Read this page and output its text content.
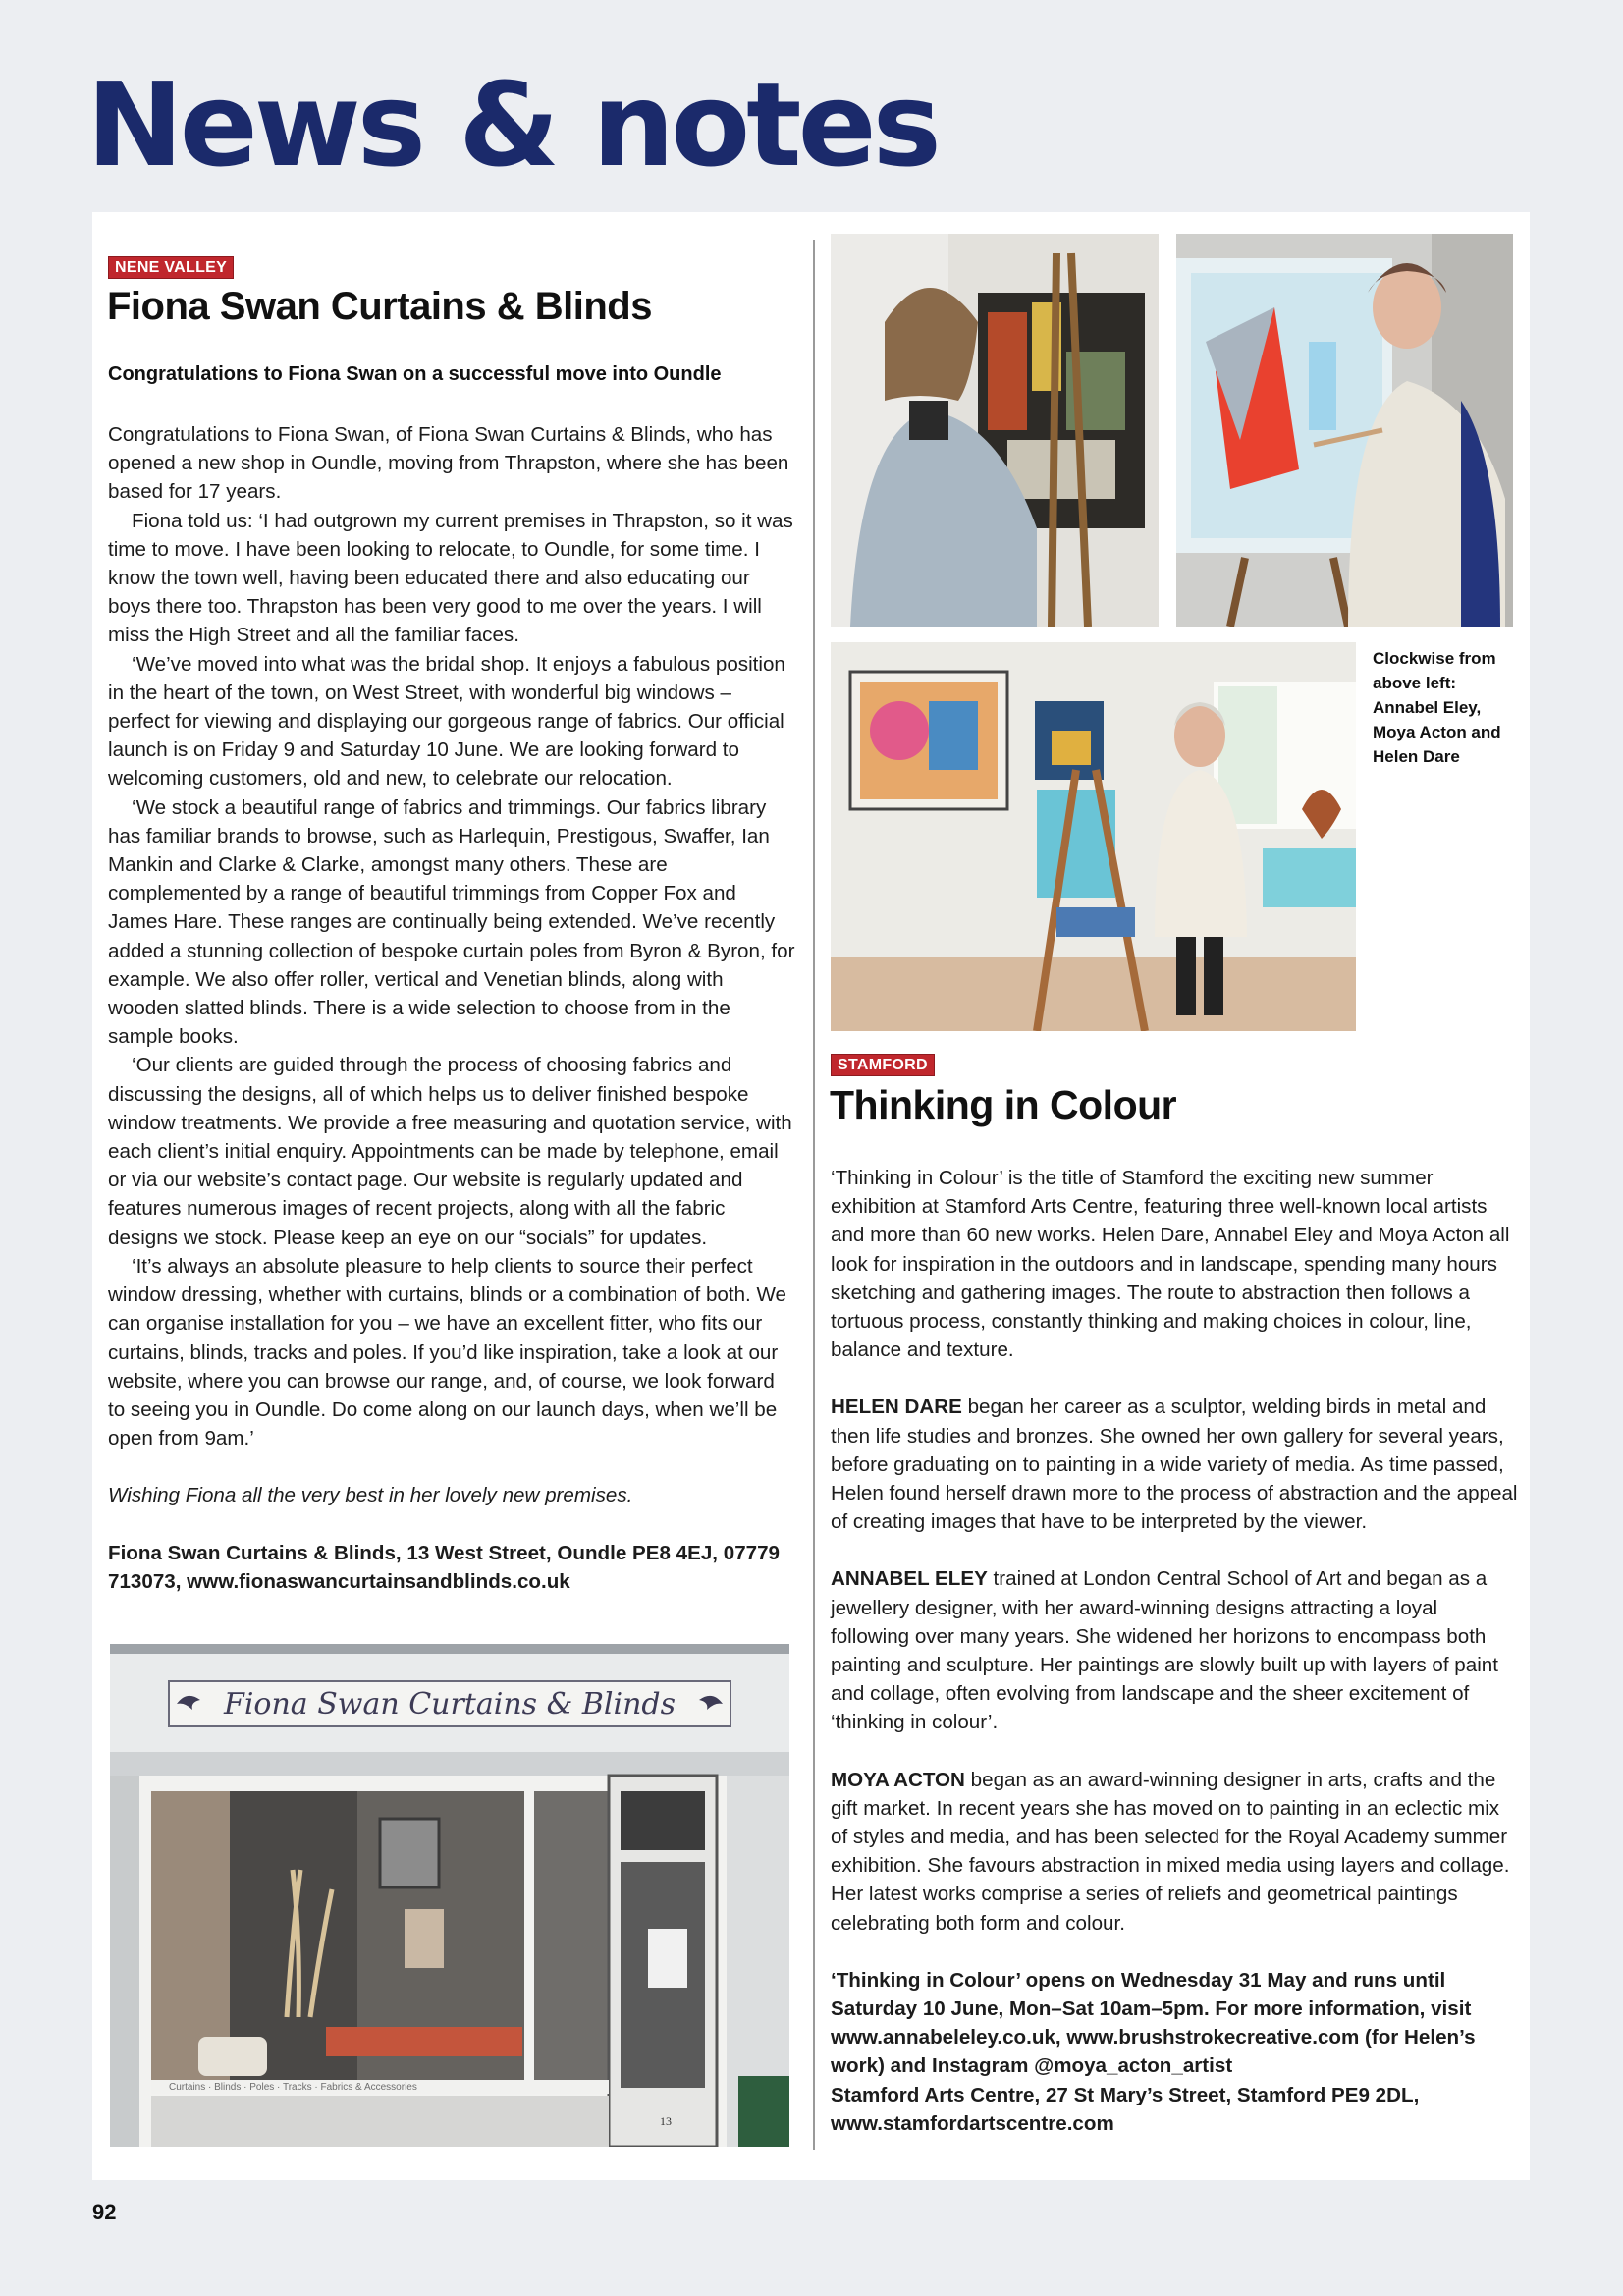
News & notes
NENE VALLEY
Fiona Swan Curtains & Blinds
Congratulations to Fiona Swan on a successful move into Oundle

Congratulations to Fiona Swan, of Fiona Swan Curtains & Blinds, who has opened a new shop in Oundle, moving from Thrapston, where she has been based for 17 years.

Fiona told us: ‘I had outgrown my current premises in Thrapston, so it was time to move. I have been looking to relocate, to Oundle, for some time. I know the town well, having been educated there and also educating our boys there too. Thrapston has been very good to me over the years. I will miss the High Street and all the familiar faces.

‘We’ve moved into what was the bridal shop. It enjoys a fabulous position in the heart of the town, on West Street, with wonderful big windows – perfect for viewing and displaying our gorgeous range of fabrics. Our official launch is on Friday 9 and Saturday 10 June. We are looking forward to welcoming customers, old and new, to celebrate our relocation.

‘We stock a beautiful range of fabrics and trimmings. Our fabrics library has familiar brands to browse, such as Harlequin, Prestigous, Swaffer, Ian Mankin and Clarke & Clarke, amongst many others. These are complemented by a range of beautiful trimmings from Copper Fox and James Hare. These ranges are continually being extended. We’ve recently added a stunning collection of bespoke curtain poles from Byron & Byron, for example. We also offer roller, vertical and Venetian blinds, along with wooden slatted blinds. There is a wide selection to choose from in the sample books.

‘Our clients are guided through the process of choosing fabrics and discussing the designs, all of which helps us to deliver finished bespoke window treatments. We provide a free measuring and quotation service, with each client’s initial enquiry. Appointments can be made by telephone, email or via our website’s contact page. Our website is regularly updated and features numerous images of recent projects, along with all the fabric designs we stock. Please keep an eye on our “socials” for updates.

‘It’s always an absolute pleasure to help clients to source their perfect window dressing, whether with curtains, blinds or a combination of both. We can organise installation for you – we have an excellent fitter, who fits our curtains, blinds, tracks and poles. If you’d like inspiration, take a look at our website, where you can browse our range, and, of course, we look forward to seeing you in Oundle. Do come along on our launch days, when we’ll be open from 9am.’

Wishing Fiona all the very best in her lovely new premises.

Fiona Swan Curtains & Blinds, 13 West Street, Oundle PE8 4EJ, 07779 713073, www.fionaswancurtainsandblinds.co.uk

Fiona Swan Curtains & Blinds
Curtains · Blinds · Poles · Tracks · Fabrics & Accessories
13
Clockwise from above left: Annabel Eley, Moya Acton and Helen Dare
STAMFORD
Thinking in Colour

‘Thinking in Colour’ is the title of Stamford the exciting new summer exhibition at Stamford Arts Centre, featuring three well-known local artists and more than 60 new works. Helen Dare, Annabel Eley and Moya Acton all look for inspiration in the outdoors and in landscape, spending many hours sketching and gathering images. The route to abstraction then follows a tortuous process, constantly thinking and making choices in colour, line, balance and texture.

HELEN DARE began her career as a sculptor, welding birds in metal and then life studies and bronzes. She owned her own gallery for several years, before graduating on to painting in a wide variety of media. As time passed, Helen found herself drawn more to the process of abstraction and the appeal of creating images that have to be interpreted by the viewer.

ANNABEL ELEY trained at London Central School of Art and began as a jewellery designer, with her award-winning designs attracting a loyal following over many years. She widened her horizons to encompass both painting and sculpture. Her paintings are slowly built up with layers of paint and collage, often evolving from landscape and the sheer excitement of ‘thinking in colour’.

MOYA ACTON began as an award-winning designer in arts, crafts and the gift market. In recent years she has moved on to painting in an eclectic mix of styles and media, and has been selected for the Royal Academy summer exhibition. She favours abstraction in mixed media using layers and collage. Her latest works comprise a series of reliefs and geometrical paintings celebrating both form and colour.

‘Thinking in Colour’ opens on Wednesday 31 May and runs until Saturday 10 June, Mon–Sat 10am–5pm. For more information, visit www.annabeleley.co.uk, www.brushstrokecreative.com (for Helen’s work) and Instagram @moya_acton_artist

Stamford Arts Centre, 27 St Mary’s Street, Stamford PE9 2DL, www.stamfordartscentre.com

92
